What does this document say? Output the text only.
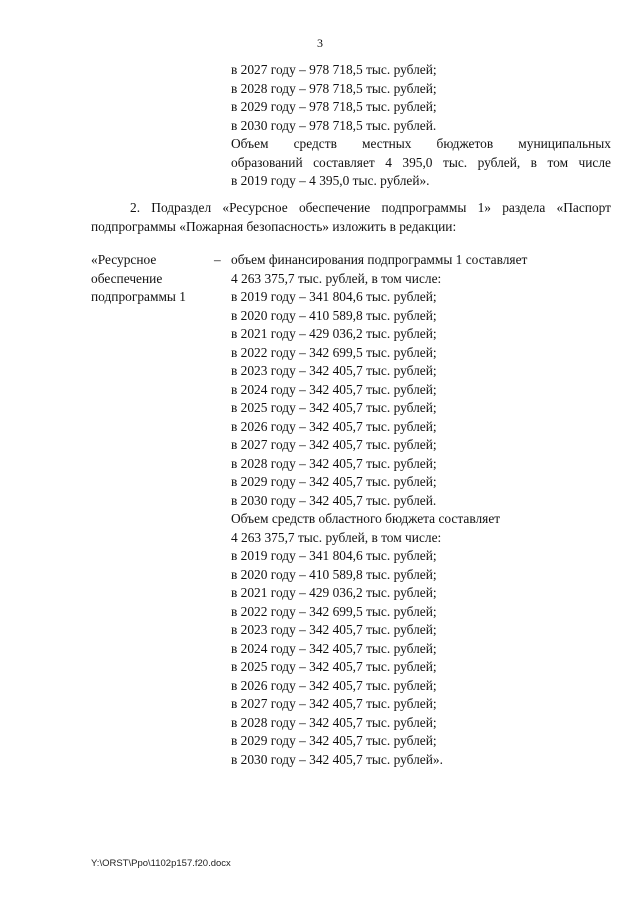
3
в 2027 году – 978 718,5 тыс. рублей;
в 2028 году – 978 718,5 тыс. рублей;
в 2029 году – 978 718,5 тыс. рублей;
в 2030 году – 978 718,5 тыс. рублей.
Объем средств местных бюджетов муниципальных
образований составляет 4 395,0 тыс. рублей, в том числе
в 2019 году – 4 395,0 тыс. рублей».
2. Подраздел «Ресурсное обеспечение подпрограммы 1» раздела «Паспорт
подпрограммы «Пожарная безопасность» изложить в редакции:
«Ресурсное
обеспечение
подпрограммы 1
– объем финансирования подпрограммы 1 составляет
4 263 375,7 тыс. рублей, в том числе:
в 2019 году – 341 804,6 тыс. рублей;
в 2020 году – 410 589,8 тыс. рублей;
в 2021 году – 429 036,2 тыс. рублей;
в 2022 году – 342 699,5 тыс. рублей;
в 2023 году – 342 405,7 тыс. рублей;
в 2024 году – 342 405,7 тыс. рублей;
в 2025 году – 342 405,7 тыс. рублей;
в 2026 году – 342 405,7 тыс. рублей;
в 2027 году – 342 405,7 тыс. рублей;
в 2028 году – 342 405,7 тыс. рублей;
в 2029 году – 342 405,7 тыс. рублей;
в 2030 году – 342 405,7 тыс. рублей.
Объем средств областного бюджета составляет
4 263 375,7 тыс. рублей, в том числе:
в 2019 году – 341 804,6 тыс. рублей;
в 2020 году – 410 589,8 тыс. рублей;
в 2021 году – 429 036,2 тыс. рублей;
в 2022 году – 342 699,5 тыс. рублей;
в 2023 году – 342 405,7 тыс. рублей;
в 2024 году – 342 405,7 тыс. рублей;
в 2025 году – 342 405,7 тыс. рублей;
в 2026 году – 342 405,7 тыс. рублей;
в 2027 году – 342 405,7 тыс. рублей;
в 2028 году – 342 405,7 тыс. рублей;
в 2029 году – 342 405,7 тыс. рублей;
в 2030 году – 342 405,7 тыс. рублей».
Y:\ORST\Ppo\1102p157.f20.docx
